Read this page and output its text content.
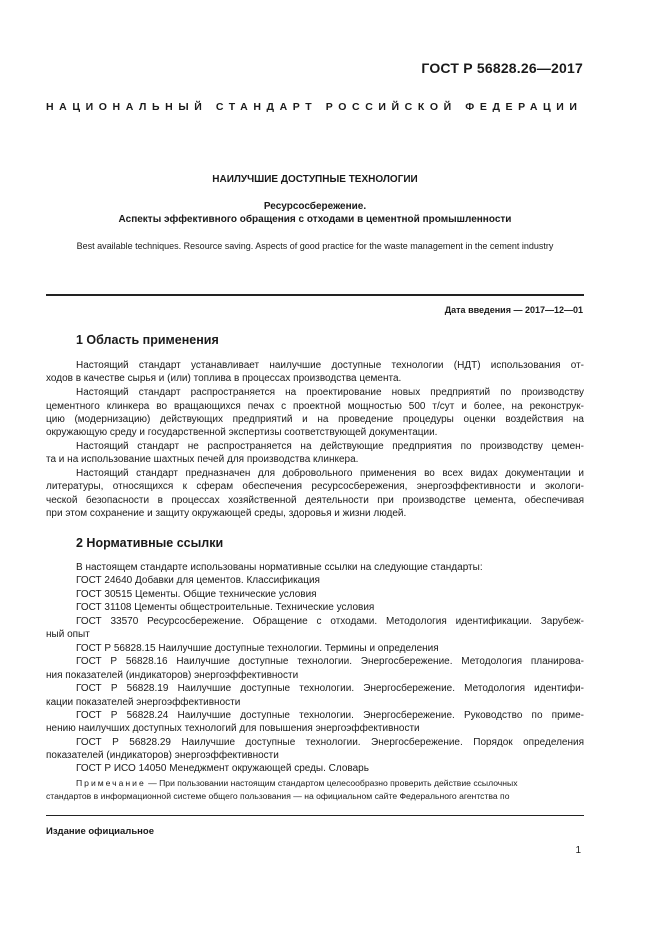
ГОСТ Р 56828.26—2017
НАЦИОНАЛЬНЫЙ СТАНДАРТ РОССИЙСКОЙ ФЕДЕРАЦИИ
НАИЛУЧШИЕ ДОСТУПНЫЕ ТЕХНОЛОГИИ
Ресурсосбережение.
Аспекты эффективного обращения с отходами в цементной промышленности
Best available techniques. Resource saving. Aspects of good practice for the waste management in the cement industry
Дата введения — 2017—12—01
1 Область применения
Настоящий стандарт устанавливает наилучшие доступные технологии (НДТ) использования от-
ходов в качестве сырья и (или) топлива в процессах производства цемента.
Настоящий стандарт распространяется на проектирование новых предприятий по производству
цементного клинкера во вращающихся печах с проектной мощностью 500 т/сут и более, на реконструк-
цию (модернизацию) действующих предприятий и на проведение процедуры оценки воздействия на
окружающую среду и государственной экспертизы соответствующей документации.
Настоящий стандарт не распространяется на действующие предприятия по производству цемен-
та и на использование шахтных печей для производства клинкера.
Настоящий стандарт предназначен для добровольного применения во всех видах документации и
литературы, относящихся к сферам обеспечения ресурсосбережения, энергоэффективности и экологи-
ческой безопасности в процессах хозяйственной деятельности при производстве цемента, обеспечивая
при этом сохранение и защиту окружающей среды, здоровья и жизни людей.
2 Нормативные ссылки
В настоящем стандарте использованы нормативные ссылки на следующие стандарты:
ГОСТ 24640 Добавки для цементов. Классификация
ГОСТ 30515 Цементы. Общие технические условия
ГОСТ 31108 Цементы общестроительные. Технические условия
ГОСТ 33570 Ресурсосбережение. Обращение с отходами. Методология идентификации. Зарубеж-
ный опыт
ГОСТ Р 56828.15 Наилучшие доступные технологии. Термины и определения
ГОСТ Р 56828.16 Наилучшие доступные технологии. Энергосбережение. Методология планирова-
ния показателей (индикаторов) энергоэффективности
ГОСТ Р 56828.19 Наилучшие доступные технологии. Энергосбережение. Методология идентифи-
кации показателей энергоэффективности
ГОСТ Р 56828.24 Наилучшие доступные технологии. Энергосбережение. Руководство по приме-
нению наилучших доступных технологий для повышения энергоэффективности
ГОСТ Р 56828.29 Наилучшие доступные технологии. Энергосбережение. Порядок определения
показателей (индикаторов) энергоэффективности
ГОСТ Р ИСО 14050 Менеджмент окружающей среды. Словарь
Примечание — При пользовании настоящим стандартом целесообразно проверить действие ссылочных
стандартов в информационной системе общего пользования — на официальном сайте Федерального агентства по
Издание официальное
1
